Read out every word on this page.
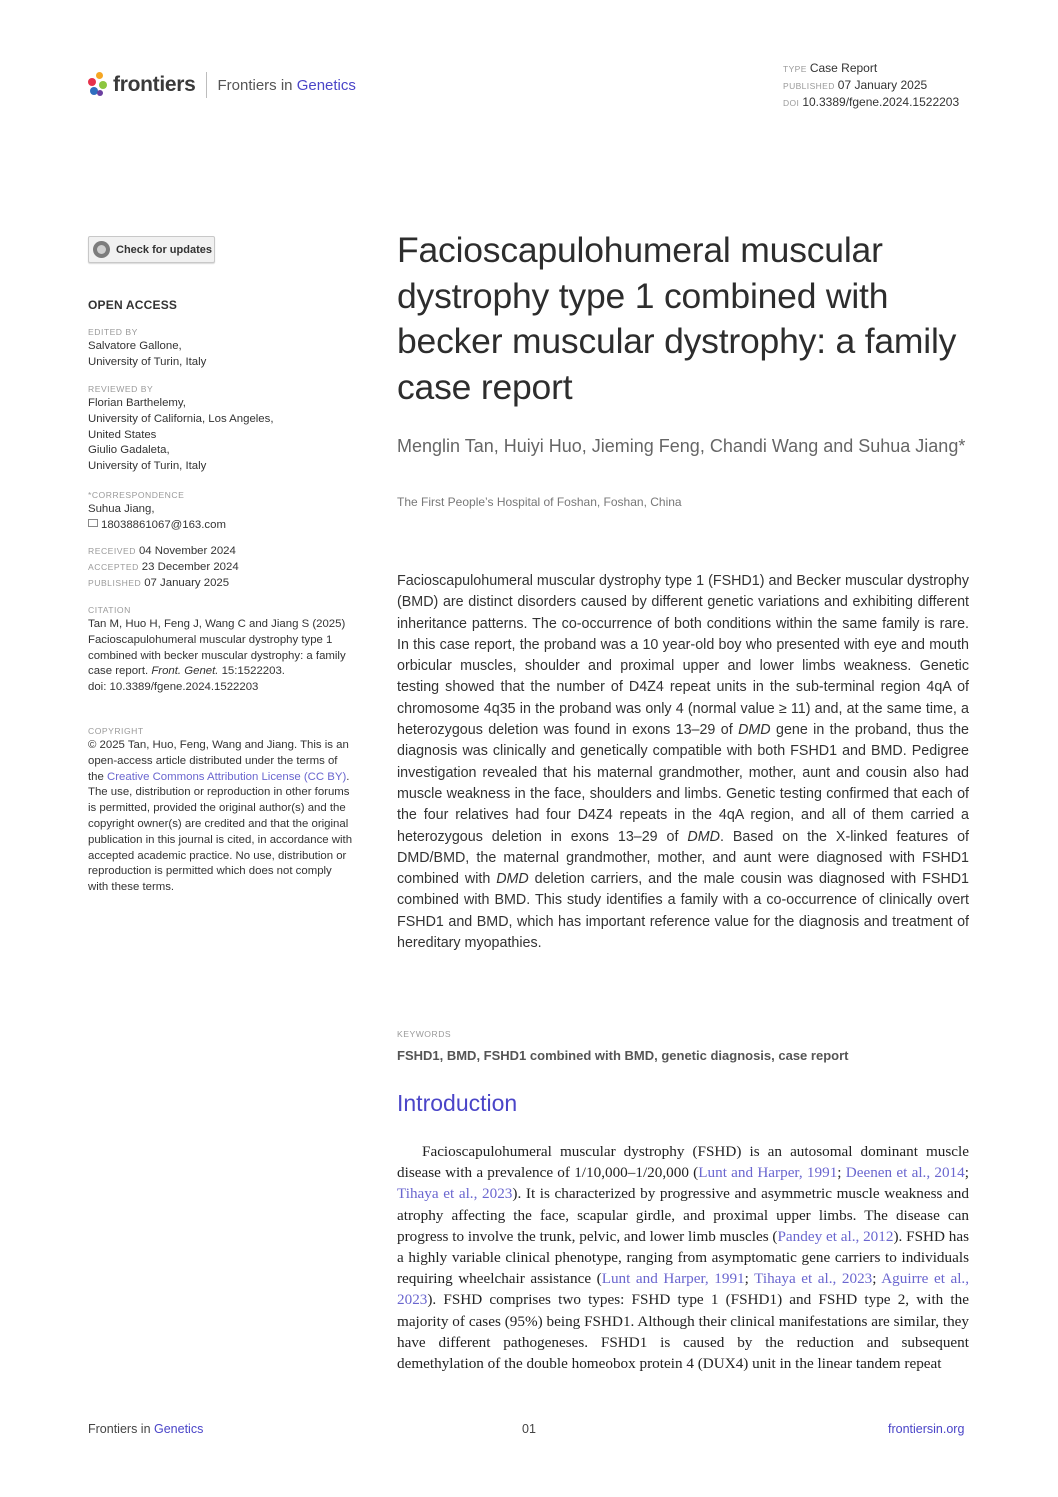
frontiers Frontiers in Genetics
TYPE Case Report
PUBLISHED 07 January 2025
DOI 10.3389/fgene.2024.1522203
Check for updates
OPEN ACCESS
EDITED BY
Salvatore Gallone,
University of Turin, Italy
REVIEWED BY
Florian Barthelemy,
University of California, Los Angeles,
United States
Giulio Gadaleta,
University of Turin, Italy
*CORRESPONDENCE
Suhua Jiang,
18038861067@163.com
RECEIVED 04 November 2024
ACCEPTED 23 December 2024
PUBLISHED 07 January 2025
CITATION
Tan M, Huo H, Feng J, Wang C and Jiang S (2025) Facioscapulohumeral muscular dystrophy type 1 combined with becker muscular dystrophy: a family case report. Front. Genet. 15:1522203.
doi: 10.3389/fgene.2024.1522203
COPYRIGHT
© 2025 Tan, Huo, Feng, Wang and Jiang. This is an open-access article distributed under the terms of the Creative Commons Attribution License (CC BY). The use, distribution or reproduction in other forums is permitted, provided the original author(s) and the copyright owner(s) are credited and that the original publication in this journal is cited, in accordance with accepted academic practice. No use, distribution or reproduction is permitted which does not comply with these terms.
Facioscapulohumeral muscular dystrophy type 1 combined with becker muscular dystrophy: a family case report
Menglin Tan, Huiyi Huo, Jieming Feng, Chandi Wang and Suhua Jiang*
The First People’s Hospital of Foshan, Foshan, China
Facioscapulohumeral muscular dystrophy type 1 (FSHD1) and Becker muscular dystrophy (BMD) are distinct disorders caused by different genetic variations and exhibiting different inheritance patterns. The co-occurrence of both conditions within the same family is rare. In this case report, the proband was a 10 year-old boy who presented with eye and mouth orbicular muscles, shoulder and proximal upper and lower limbs weakness. Genetic testing showed that the number of D4Z4 repeat units in the sub-terminal region 4qA of chromosome 4q35 in the proband was only 4 (normal value ≥ 11) and, at the same time, a heterozygous deletion was found in exons 13–29 of DMD gene in the proband, thus the diagnosis was clinically and genetically compatible with both FSHD1 and BMD. Pedigree investigation revealed that his maternal grandmother, mother, aunt and cousin also had muscle weakness in the face, shoulders and limbs. Genetic testing confirmed that each of the four relatives had four D4Z4 repeats in the 4qA region, and all of them carried a heterozygous deletion in exons 13–29 of DMD. Based on the X-linked features of DMD/BMD, the maternal grandmother, mother, and aunt were diagnosed with FSHD1 combined with DMD deletion carriers, and the male cousin was diagnosed with FSHD1 combined with BMD. This study identifies a family with a co-occurrence of clinically overt FSHD1 and BMD, which has important reference value for the diagnosis and treatment of hereditary myopathies.
KEYWORDS
FSHD1, BMD, FSHD1 combined with BMD, genetic diagnosis, case report
Introduction
Facioscapulohumeral muscular dystrophy (FSHD) is an autosomal dominant muscle disease with a prevalence of 1/10,000–1/20,000 (Lunt and Harper, 1991; Deenen et al., 2014; Tihaya et al., 2023). It is characterized by progressive and asymmetric muscle weakness and atrophy affecting the face, scapular girdle, and proximal upper limbs. The disease can progress to involve the trunk, pelvic, and lower limb muscles (Pandey et al., 2012). FSHD has a highly variable clinical phenotype, ranging from asymptomatic gene carriers to individuals requiring wheelchair assistance (Lunt and Harper, 1991; Tihaya et al., 2023; Aguirre et al., 2023). FSHD comprises two types: FSHD type 1 (FSHD1) and FSHD type 2, with the majority of cases (95%) being FSHD1. Although their clinical manifestations are similar, they have different pathogeneses. FSHD1 is caused by the reduction and subsequent demethylation of the double homeobox protein 4 (DUX4) unit in the linear tandem repeat
Frontiers in Genetics	01	frontiersin.org
